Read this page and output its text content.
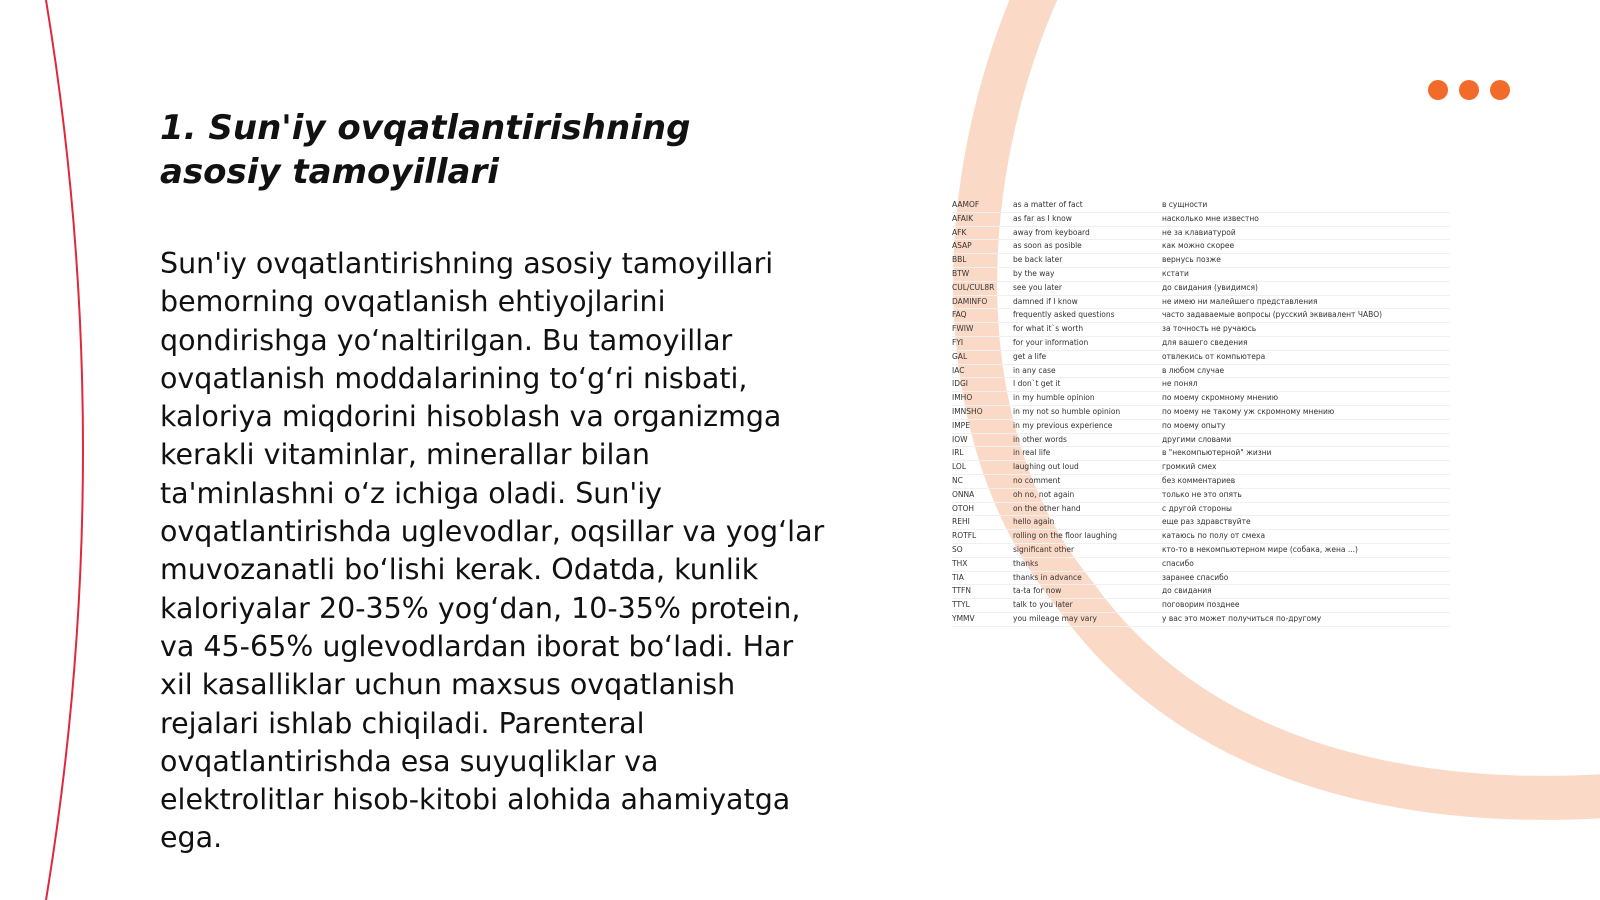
1. Sun'iy ovqatlantirishning asosiy tamoyillari

Sun'iy ovqatlantirishning asosiy tamoyillari bemorning ovqatlanish ehtiyojlarini qondirishga yo‘naltirilgan. Bu tamoyillar ovqatlanish moddalarining to‘g‘ri nisbati, kaloriya miqdorini hisoblash va organizmga kerakli vitaminlar, minerallar bilan ta'minlashni o‘z ichiga oladi. Sun'iy ovqatlantirishda uglevodlar, oqsillar va yog‘lar muvozanatli bo‘lishi kerak. Odatda, kunlik kaloriyalar 20-35% yog‘dan, 10-35% protein, va 45-65% uglevodlardan iborat bo‘ladi. Har xil kasalliklar uchun maxsus ovqatlanish rejalari ishlab chiqiladi. Parenteral ovqatlantirishda esa suyuqliklar va elektrolitlar hisob-kitobi alohida ahamiyatga ega.

AAMOF	as a matter of fact	в сущности
AFAIK	as far as I know	насколько мне известно
AFK	away from keyboard	не за клавиатурой
ASAP	as soon as posible	как можно скорее
BBL	be back later	вернусь позже
BTW	by the way	кстати
CUL/CUL8R	see you later	до свидания (увидимся)
DAMINFO	damned if I know	не имею ни малейшего представления
FAQ	frequently asked questions	часто задаваемые вопросы (русский эквивалент ЧАВО)
FWIW	for what it`s worth	за точность не ручаюсь
FYI	for your information	для вашего сведения
GAL	get a life	отвлекись от компьютера
IAC	in any case	в любом случае
IDGI	I don`t get it	не понял
IMHO	in my humble opinion	по моему скромному мнению
IMNSHO	in my not so humble opinion	по моему не такому уж скромному мнению
IMPE	in my previous experience	по моему опыту
IOW	in other words	другими словами
IRL	in real life	в "некомпьютерной" жизни
LOL	laughing out loud	громкий смех
NC	no comment	без комментариев
ONNA	oh no, not again	только не это опять
OTOH	on the other hand	с другой стороны
REHI	hello again	еще раз здравствуйте
ROTFL	rolling on the floor laughing	катаюсь по полу от смеха
SO	significant other	кто-то в некомпьютерном мире (собака, жена ...)
THX	thanks	спасибо
TIA	thanks in advance	заранее спасибо
TTFN	ta-ta for now	до свидания
TTYL	talk to you later	поговорим позднее
YMMV	you mileage may vary	у вас это может получиться по-другому
